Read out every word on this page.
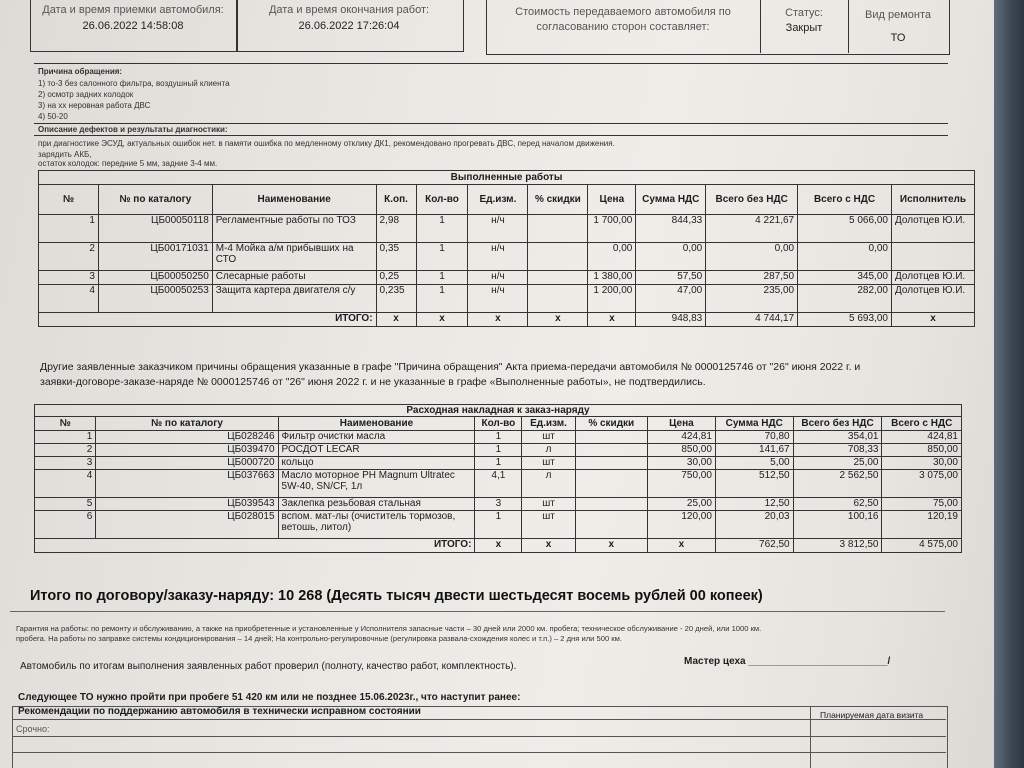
Дата и время приемки автомобиля:
26.06.2022 14:58:08
Дата и время окончания работ:
26.06.2022 17:26:04
Стоимость передаваемого автомобиля по
согласованию сторон составляет:
Статус:
Закрыт
Вид ремонта
ТО
Причина обращения:
1) то-3 без салонного фильтра, воздушный клиента
2) осмотр задних колодок
3) на хх неровная работа ДВС
4) 50-20
Описание дефектов и результаты диагностики:
при диагностике ЭСУД, актуальных ошибок нет. в памяти ошибка по медленному отклику ДК1, рекомендовано прогревать ДВС, перед началом движения.
зарядить АКБ,
остаток колодок: передние 5 мм, задние 3-4 мм.
Выполненные работы											
№	№ по каталогу	Наименование	К.оп.	Кол-во	Ед.изм.	% скидки	Цена	Сумма НДС	Всего без НДС	Всего с НДС	Исполнитель
1	ЦБ00050118	Регламентные работы по ТОЗ	2,98	1	н/ч		1 700,00	844,33	4 221,67	5 066,00	Долотцев Ю.И.
2	ЦБ00171031	М-4 Мойка а/м прибывших на СТО	0,35	1	н/ч		0,00	0,00	0,00	0,00	
3	ЦБ00050250	Слесарные работы	0,25	1	н/ч		1 380,00	57,50	287,50	345,00	Долотцев Ю.И.
4	ЦБ00050253	Защита картера двигателя с/у	0,235	1	н/ч		1 200,00	47,00	235,00	282,00	Долотцев Ю.И.
ИТОГО:			х	х	х	х	х	948,83	4 744,17	5 693,00	х
Другие заявленные заказчиком причины обращения указанные в графе "Причина обращения" Акта приема-передачи автомобиля № 0000125746 от "26" июня 2022 г. и
заявки-договоре-заказе-наряде № 0000125746 от "26" июня 2022 г. и не указанные в графе «Выполненные работы», не подтвердились.
Расходная накладная к заказ-наряду									
№	№ по каталогу	Наименование	Кол-во	Ед.изм.	% скидки	Цена	Сумма НДС	Всего без НДС	Всего с НДС
1	ЦБ028246	Фильтр очистки масла	1	шт		424,81	70,80	354,01	424,81
2	ЦБ039470	РОСДОТ LECAR	1	л		850,00	141,67	708,33	850,00
3	ЦБ000720	кольцо	1	шт		30,00	5,00	25,00	30,00
4	ЦБ037663	Масло моторное PH Magnum Ultratec 5W-40, SN/CF, 1л	4,1	л		750,00	512,50	2 562,50	3 075,00
5	ЦБ039543	Заклепка резьбовая стальная	3	шт		25,00	12,50	62,50	75,00
6	ЦБ028015	вспом. мат-лы (очиститель тормозов, ветошь, литол)	1	шт		120,00	20,03	100,16	120,19
ИТОГО:			х	х	х	х	762,50	3 812,50	4 575,00
Итого по договору/заказу-наряду: 10 268 (Десять тысяч двести шестьдесят восемь рублей 00 копеек)
Гарантия на работы: по ремонту и обслуживанию, а также на приобретенные и установленные у Исполнителя запасные части – 30 дней или 2000 км. пробега; техническое обслуживание - 20 дней, или 1000 км.
пробега. На работы по заправке системы кондиционирования – 14 дней; На контрольно-регулировочные (регулировка развала-схождения колес и т.п.) – 2 дня или 500 км.
Автомобиль по итогам выполнения заявленных работ проверил (полноту, качество работ, комплектность).	Мастер цеха _________________________/
Следующее ТО нужно пройти при пробеге 51 420 км или не позднее 15.06.2023г., что наступит ранее:
Рекомендации по поддержанию автомобиля в технически исправном состоянии	Планируемая дата визита
Срочно:
